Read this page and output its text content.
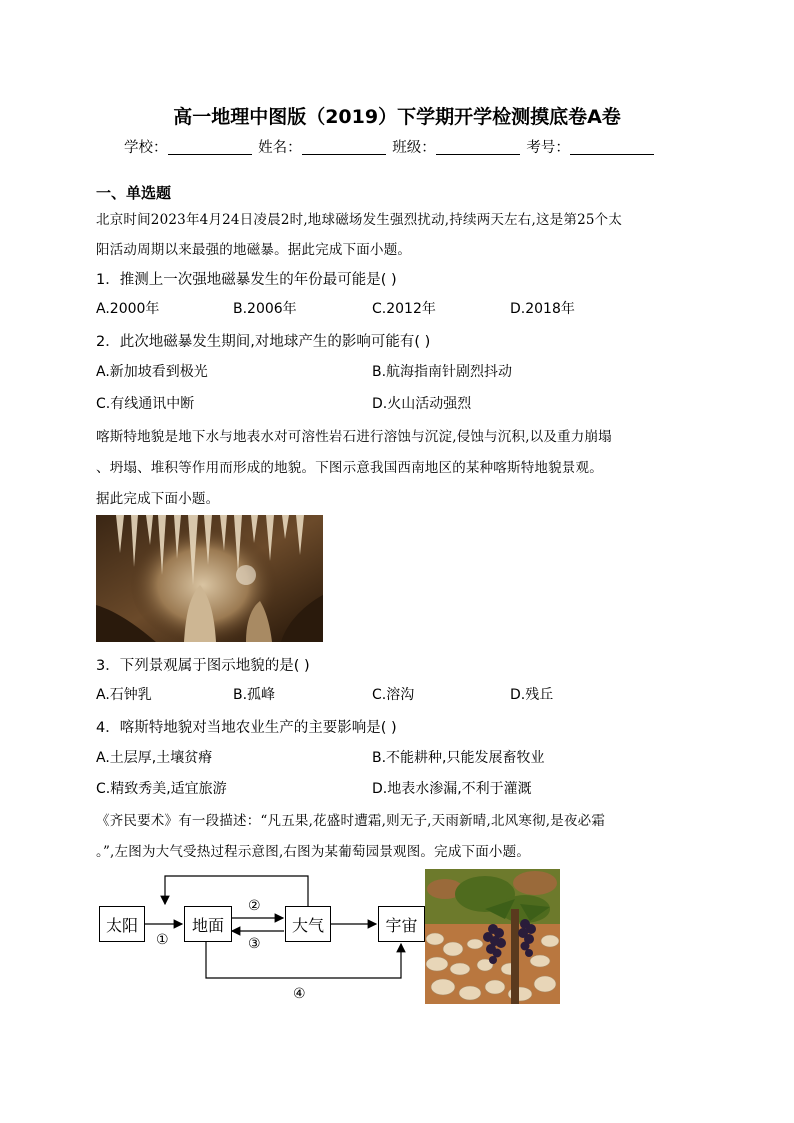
高一地理中图版（2019）下学期开学检测摸底卷A卷
学校：	姓名：	班级：	考号：
一、单选题
北京时间2023年4月24日凌晨2时,地球磁场发生强烈扰动,持续两天左右,这是第25个太
阳活动周期以来最强的地磁暴。据此完成下面小题。
1．推测上一次强地磁暴发生的年份最可能是( )
A.2000年	B.2006年	C.2012年	D.2018年
2．此次地磁暴发生期间,对地球产生的影响可能有( )
A.新加坡看到极光	B.航海指南针剧烈抖动
C.有线通讯中断	D.火山活动强烈
喀斯特地貌是地下水与地表水对可溶性岩石进行溶蚀与沉淀,侵蚀与沉积,以及重力崩塌
、坍塌、堆积等作用而形成的地貌。下图示意我国西南地区的某种喀斯特地貌景观。
据此完成下面小题。
3．下列景观属于图示地貌的是( )
A.石钟乳	B.孤峰	C.溶沟	D.残丘
4．喀斯特地貌对当地农业生产的主要影响是( )
A.土层厚,土壤贫瘠	B.不能耕种,只能发展畜牧业
C.精致秀美,适宜旅游	D.地表水渗漏,不利于灌溉
《齐民要术》有一段描述：“凡五果,花盛时遭霜,则无子,天雨新晴,北风寒彻,是夜必霜
。”,左图为大气受热过程示意图,右图为某葡萄园景观图。完成下面小题。
太阳	地面	大气	宇宙
①
②
③
④
